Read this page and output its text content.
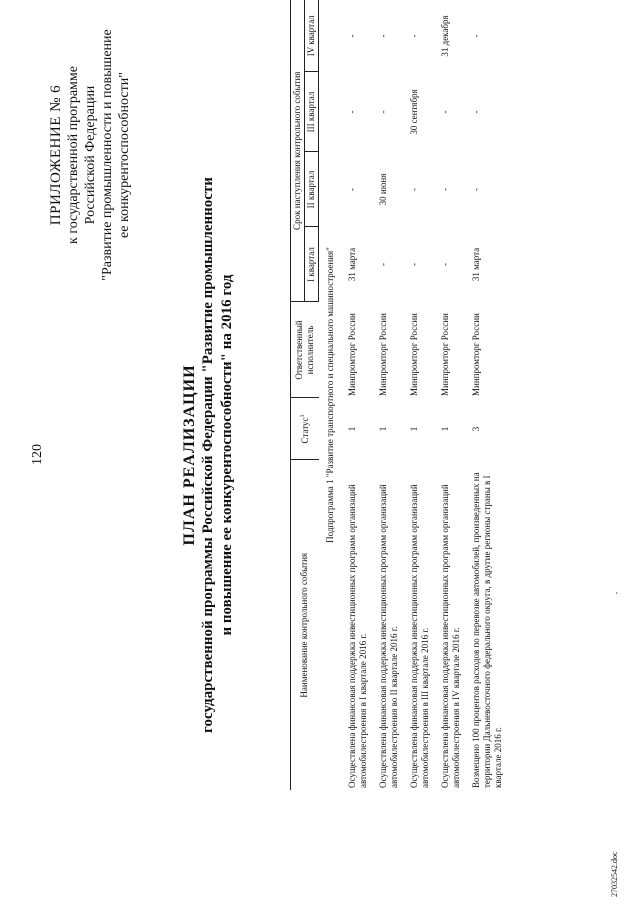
120
ПРИЛОЖЕНИЕ № 6 к государственной программе Российской Федерации "Развитие промышленности и повышение ее конкурентоспособности"
ПЛАН РЕАЛИЗАЦИИ государственной программы Российской Федерации "Развитие промышленности и повышение ее конкурентоспособности" на 2016 год	Наименование контрольного события	Статус$^1$	Ответственный
исполнитель	Срок наступления контрольного события			
			I квартал	II квартал	III квартал	IV квартал
Подпрограмма 1 "Развитие транспортного и специального машиностроения"						
Осуществлена финансовая поддержка инвестиционных программ организаций автомобилестроения в I квартале 2016 г.	1	Минпромторг России	31 марта	-	-	-
Осуществлена финансовая поддержка инвестиционных программ организаций автомобилестроения во II квартале 2016 г.	1	Минпромторг России	-	30 июня	-	-
Осуществлена финансовая поддержка инвестиционных программ организаций автомобилестроения в III квартале 2016 г.	1	Минпромторг России	-	-	30 сентября	-
Осуществлена финансовая поддержка инвестиционных программ организаций автомобилестроения в IV квартале 2016 г.	1	Минпромторг России	-	-	-	31 декабря
Возмещено 100 процентов расходов по перевозке автомобилей, произведенных на территории Дальневосточного федерального округа, в другие регионы страны в I квартале 2016 г.	3	Минпромторг России	31 марта	-	-	-
27032542.doc
,
